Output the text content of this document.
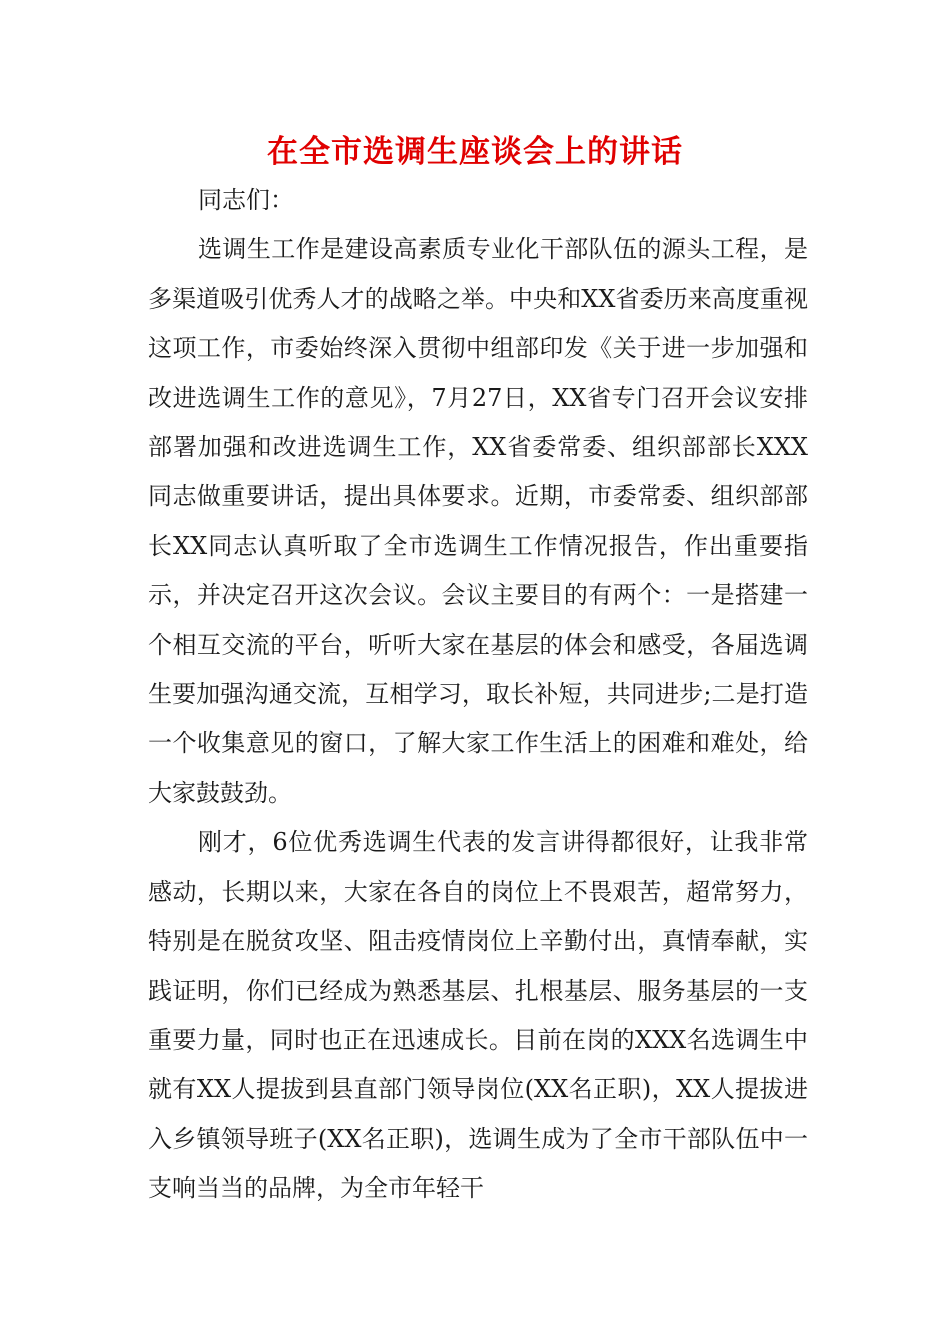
在全市选调生座谈会上的讲话

同志们：

选调生工作是建设高素质专业化干部队伍的源头工程，是多渠道吸引优秀人才的战略之举。中央和XX省委历来高度重视这项工作，市委始终深入贯彻中组部印发《关于进一步加强和改进选调生工作的意见》，7月27日，XX省专门召开会议安排部署加强和改进选调生工作，XX省委常委、组织部部长XXX同志做重要讲话，提出具体要求。近期，市委常委、组织部部长XX同志认真听取了全市选调生工作情况报告，作出重要指示，并决定召开这次会议。会议主要目的有两个：一是搭建一个相互交流的平台，听听大家在基层的体会和感受，各届选调生要加强沟通交流，互相学习，取长补短，共同进步;二是打造一个收集意见的窗口，了解大家工作生活上的困难和难处，给大家鼓鼓劲。

刚才，6位优秀选调生代表的发言讲得都很好，让我非常感动，长期以来，大家在各自的岗位上不畏艰苦，超常努力，特别是在脱贫攻坚、阻击疫情岗位上辛勤付出，真情奉献，实践证明，你们已经成为熟悉基层、扎根基层、服务基层的一支重要力量，同时也正在迅速成长。目前在岗的XXX名选调生中就有XX人提拔到县直部门领导岗位(XX名正职)，XX人提拔进入乡镇领导班子(XX名正职)，选调生成为了全市干部队伍中一支响当当的品牌，为全市年轻干
